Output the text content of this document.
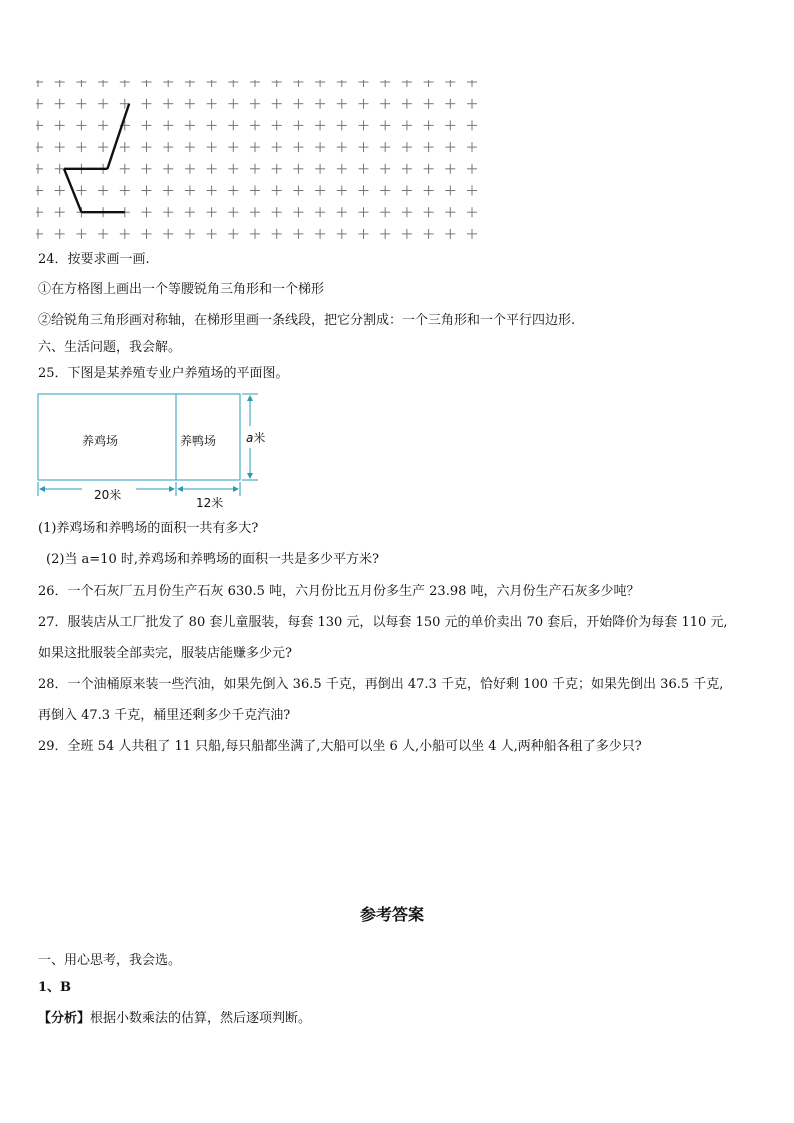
24．按要求画一画.
①在方格图上画出一个等腰锐角三角形和一个梯形
②给锐角三角形画对称轴，在梯形里画一条线段，把它分割成：一个三角形和一个平行四边形.
六、生活问题，我会解。
25．下图是某养殖专业户养殖场的平面图。
养鸡场	养鸭场
20米
12米
a米
(1)养鸡场和养鸭场的面积一共有多大?
(2)当 a=10 时,养鸡场和养鸭场的面积一共是多少平方米?
26．一个石灰厂五月份生产石灰 630.5 吨，六月份比五月份多生产 23.98 吨，六月份生产石灰多少吨？
27．服装店从工厂批发了 80 套儿童服装，每套 130 元，以每套 150 元的单价卖出 70 套后，开始降价为每套 110 元,
如果这批服装全部卖完，服装店能赚多少元?
28．一个油桶原来装一些汽油，如果先倒入 36.5 千克，再倒出 47.3 千克，恰好剩 100 千克；如果先倒出 36.5 千克,
再倒入 47.3 千克，桶里还剩多少千克汽油?
29．全班 54 人共租了 11 只船,每只船都坐满了,大船可以坐 6 人,小船可以坐 4 人,两种船各租了多少只?
参考答案
一、用心思考，我会选。
1、B
【分析】根据小数乘法的估算，然后逐项判断。
